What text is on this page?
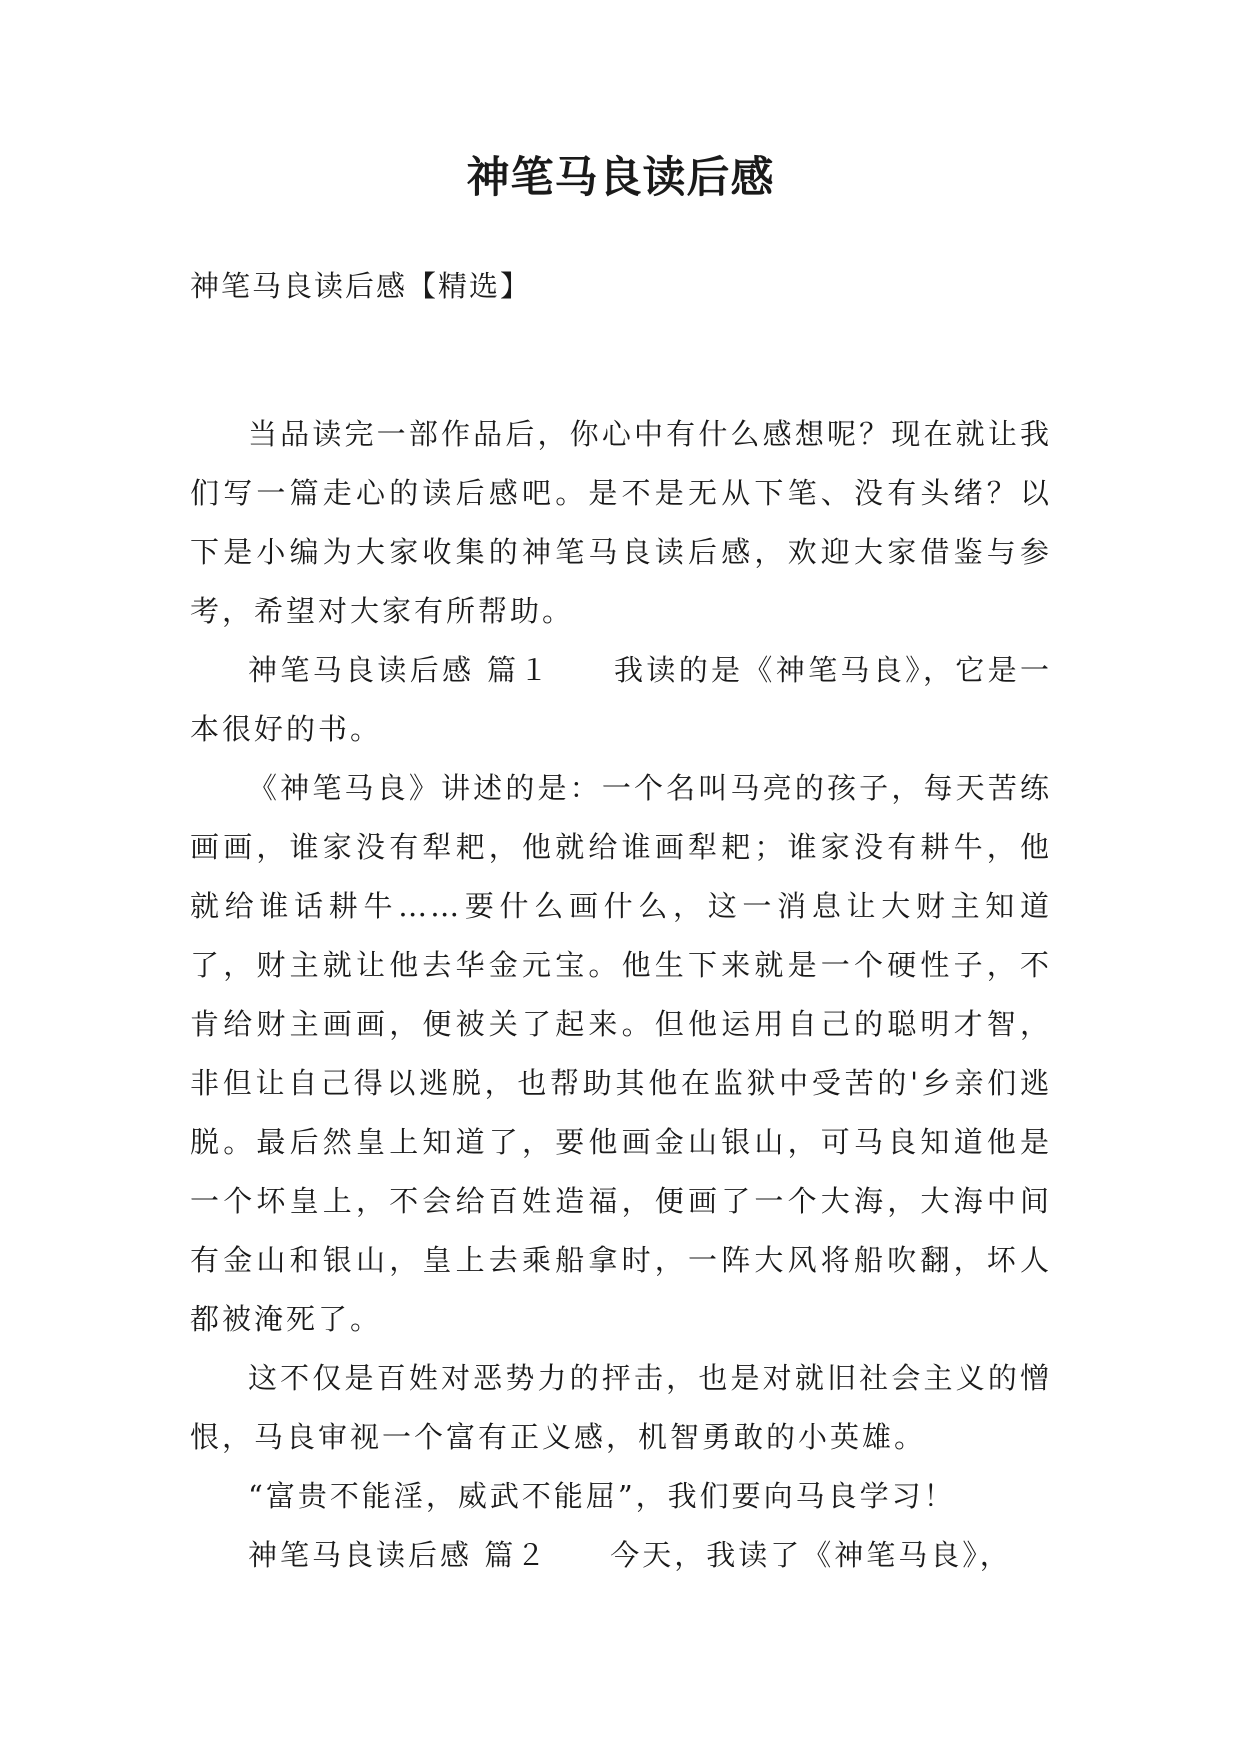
神笔马良读后感
神笔马良读后感【精选】

当品读完一部作品后，你心中有什么感想呢？现在就让我们写一篇走心的读后感吧。是不是无从下笔、没有头绪？以下是小编为大家收集的神笔马良读后感，欢迎大家借鉴与参考，希望对大家有所帮助。

神笔马良读后感 篇１ 我读的是《神笔马良》，它是一本很好的书。

《神笔马良》讲述的是：一个名叫马亮的孩子，每天苦练画画，谁家没有犁耙，他就给谁画犁耙；谁家没有耕牛，他就给谁话耕牛……要什么画什么，这一消息让大财主知道了，财主就让他去华金元宝。他生下来就是一个硬性子，不肯给财主画画，便被关了起来。但他运用自己的聪明才智，非但让自己得以逃脱，也帮助其他在监狱中受苦的'乡亲们逃脱。最后然皇上知道了，要他画金山银山，可马良知道他是一个坏皇上，不会给百姓造福，便画了一个大海，大海中间有金山和银山，皇上去乘船拿时，一阵大风将船吹翻，坏人都被淹死了。

这不仅是百姓对恶势力的抨击，也是对就旧社会主义的憎恨，马良审视一个富有正义感，机智勇敢的小英雄。

“富贵不能淫，威武不能屈”，我们要向马良学习！

神笔马良读后感 篇２ 今天，我读了《神笔马良》，
